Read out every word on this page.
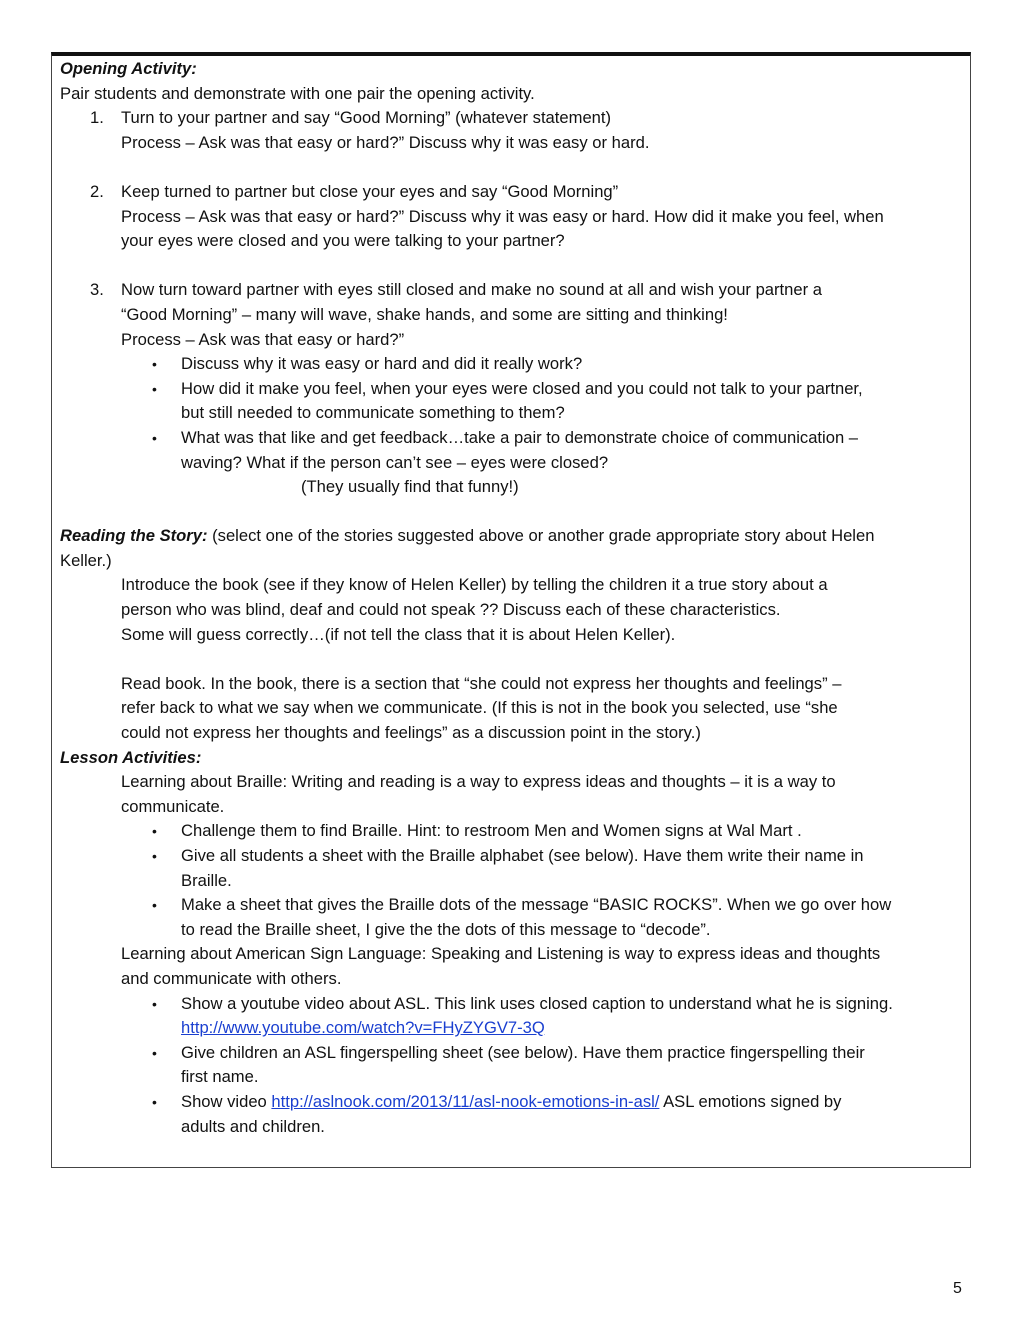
Opening Activity:

Pair students and demonstrate with one pair the opening activity.

1. Turn to your partner and say “Good Morning” (whatever statement)

Process – Ask was that easy or hard?” Discuss why it was easy or hard.

2. Keep turned to partner but close your eyes and say “Good Morning”

Process – Ask was that easy or hard?” Discuss why it was easy or hard. How did it make you feel, when

your eyes were closed and you were talking to your partner?

3. Now turn toward partner with eyes still closed and make no sound at all and wish your partner a

“Good Morning” – many will wave, shake hands, and some are sitting and thinking!

Process – Ask was that easy or hard?”

• Discuss why it was easy or hard and did it really work?

• How did it make you feel, when your eyes were closed and you could not talk to your partner,

but still needed to communicate something to them?

• What was that like and get feedback…take a pair to demonstrate choice of communication –

waving? What if the person can’t see – eyes were closed?

(They usually find that funny!)

Reading the Story: (select one of the stories suggested above or another grade appropriate story about Helen

Keller.)

Introduce the book (see if they know of Helen Keller) by telling the children it a true story about a

person who was blind, deaf and could not speak ?? Discuss each of these characteristics.

Some will guess correctly…(if not tell the class that it is about Helen Keller).

Read book. In the book, there is a section that “she could not express her thoughts and feelings” –

refer back to what we say when we communicate. (If this is not in the book you selected, use “she

could not express her thoughts and feelings” as a discussion point in the story.)

Lesson Activities:

Learning about Braille: Writing and reading is a way to express ideas and thoughts – it is a way to

communicate.

• Challenge them to find Braille. Hint: to restroom Men and Women signs at Wal Mart .

• Give all students a sheet with the Braille alphabet (see below). Have them write their name in

Braille.

• Make a sheet that gives the Braille dots of the message “BASIC ROCKS”. When we go over how

to read the Braille sheet, I give the the dots of this message to “decode”.

Learning about American Sign Language: Speaking and Listening is way to express ideas and thoughts

and communicate with others.

• Show a youtube video about ASL. This link uses closed caption to understand what he is signing.

http://www.youtube.com/watch?v=FHyZYGV7-3Q

• Give children an ASL fingerspelling sheet (see below). Have them practice fingerspelling their

first name.

• Show video http://aslnook.com/2013/11/asl-nook-emotions-in-asl/ ASL emotions signed by

adults and children.

5
